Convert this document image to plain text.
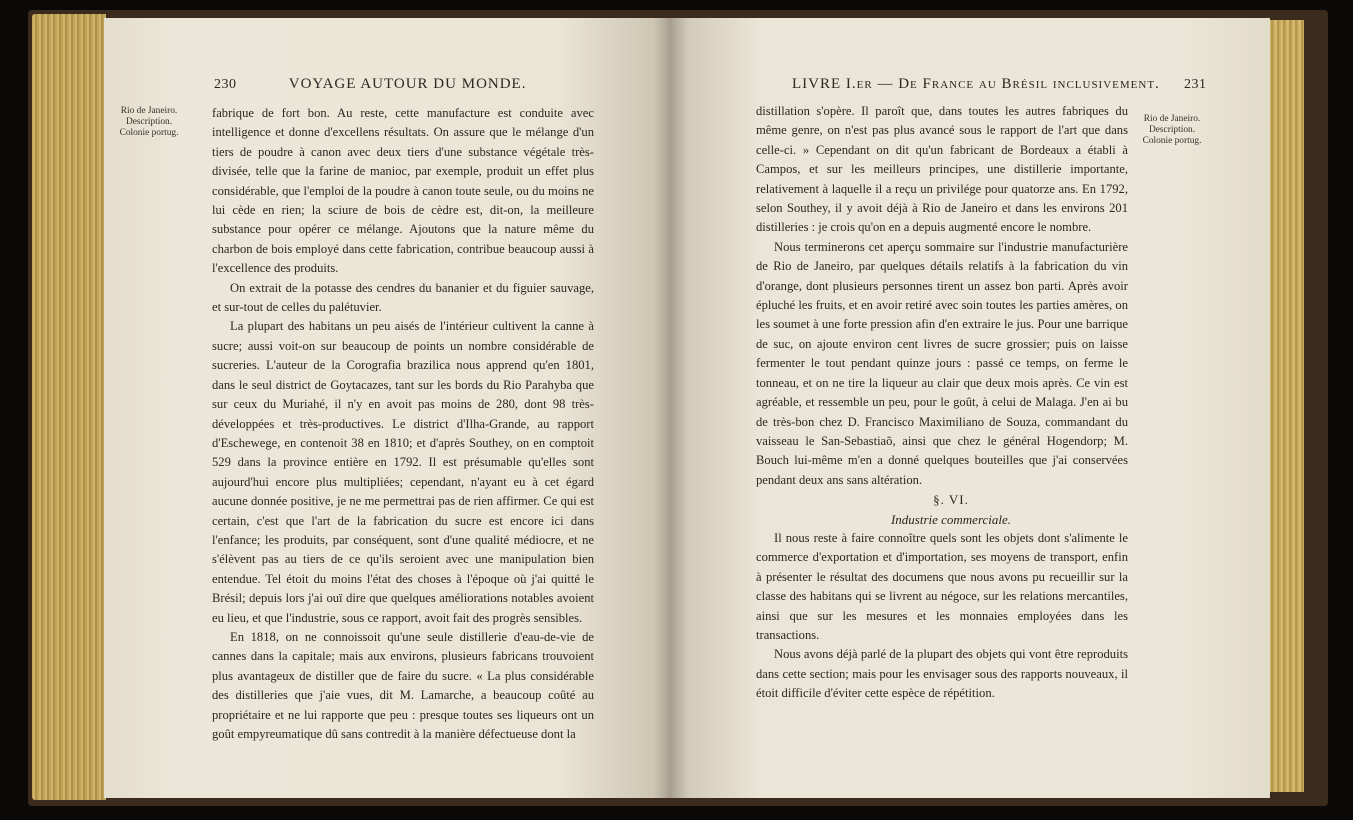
230	VOYAGE AUTOUR DU MONDE.
Rio de Janeiro.
Description.
Colonie portug.

fabrique de fort bon. Au reste, cette manufacture est conduite avec intelligence et donne d'excellens résultats. On assure que le mélange d'un tiers de poudre à canon avec deux tiers d'une substance végétale très-divisée, telle que la farine de manioc, par exemple, produit un effet plus considérable, que l'emploi de la poudre à canon toute seule, ou du moins ne lui cède en rien; la sciure de bois de cèdre est, dit-on, la meilleure substance pour opérer ce mélange. Ajoutons que la nature même du charbon de bois employé dans cette fabrication, contribue beaucoup aussi à l'excellence des produits.

On extrait de la potasse des cendres du bananier et du figuier sauvage, et sur-tout de celles du palétuvier.

La plupart des habitans un peu aisés de l'intérieur cultivent la canne à sucre; aussi voit-on sur beaucoup de points un nombre considérable de sucreries. L'auteur de la Corografia brazilica nous apprend qu'en 1801, dans le seul district de Goytacazes, tant sur les bords du Rio Parahyba que sur ceux du Muriahé, il n'y en avoit pas moins de 280, dont 98 très-développées et très-productives. Le district d'Ilha-Grande, au rapport d'Eschewege, en contenoit 38 en 1810; et d'après Southey, on en comptoit 529 dans la province entière en 1792. Il est présumable qu'elles sont aujourd'hui encore plus multipliées; cependant, n'ayant eu à cet égard aucune donnée positive, je ne me permettrai pas de rien affirmer. Ce qui est certain, c'est que l'art de la fabrication du sucre est encore ici dans l'enfance; les produits, par conséquent, sont d'une qualité médiocre, et ne s'élèvent pas au tiers de ce qu'ils seroient avec une manipulation bien entendue. Tel étoit du moins l'état des choses à l'époque où j'ai quitté le Brésil; depuis lors j'ai ouï dire que quelques améliorations notables avoient eu lieu, et que l'industrie, sous ce rapport, avoit fait des progrès sensibles.

En 1818, on ne connoissoit qu'une seule distillerie d'eau-de-vie de cannes dans la capitale; mais aux environs, plusieurs fabricans trouvoient plus avantageux de distiller que de faire du sucre. « La plus considérable des distilleries que j'aie vues, dit M. Lamarche, a beaucoup coûté au propriétaire et ne lui rapporte que peu : presque toutes ses liqueurs ont un goût empyreumatique dû sans contredit à la manière défectueuse dont la

LIVRE I.er — De France au Brésil inclusivement. 231
Rio de Janeiro.
Description.
Colonie portug.

distillation s'opère. Il paroît que, dans toutes les autres fabriques du même genre, on n'est pas plus avancé sous le rapport de l'art que dans celle-ci. » Cependant on dit qu'un fabricant de Bordeaux a établi à Campos, et sur les meilleurs principes, une distillerie importante, relativement à laquelle il a reçu un privilége pour quatorze ans. En 1792, selon Southey, il y avoit déjà à Rio de Janeiro et dans les environs 201 distilleries : je crois qu'on en a depuis augmenté encore le nombre.

Nous terminerons cet aperçu sommaire sur l'industrie manufacturière de Rio de Janeiro, par quelques détails relatifs à la fabrication du vin d'orange, dont plusieurs personnes tirent un assez bon parti. Après avoir épluché les fruits, et en avoir retiré avec soin toutes les parties amères, on les soumet à une forte pression afin d'en extraire le jus. Pour une barrique de suc, on ajoute environ cent livres de sucre grossier; puis on laisse fermenter le tout pendant quinze jours : passé ce temps, on ferme le tonneau, et on ne tire la liqueur au clair que deux mois après. Ce vin est agréable, et ressemble un peu, pour le goût, à celui de Malaga. J'en ai bu de très-bon chez D. Francisco Maximiliano de Souza, commandant du vaisseau le San-Sebastiaõ, ainsi que chez le général Hogendorp; M. Bouch lui-même m'en a donné quelques bouteilles que j'ai conservées pendant deux ans sans altération.

§. VI.

Industrie commerciale.

Il nous reste à faire connoître quels sont les objets dont s'alimente le commerce d'exportation et d'importation, ses moyens de transport, enfin à présenter le résultat des documens que nous avons pu recueillir sur la classe des habitans qui se livrent au négoce, sur les relations mercantiles, ainsi que sur les mesures et les monnaies employées dans les transactions.

Nous avons déjà parlé de la plupart des objets qui vont être reproduits dans cette section; mais pour les envisager sous des rapports nouveaux, il étoit difficile d'éviter cette espèce de répétition.
